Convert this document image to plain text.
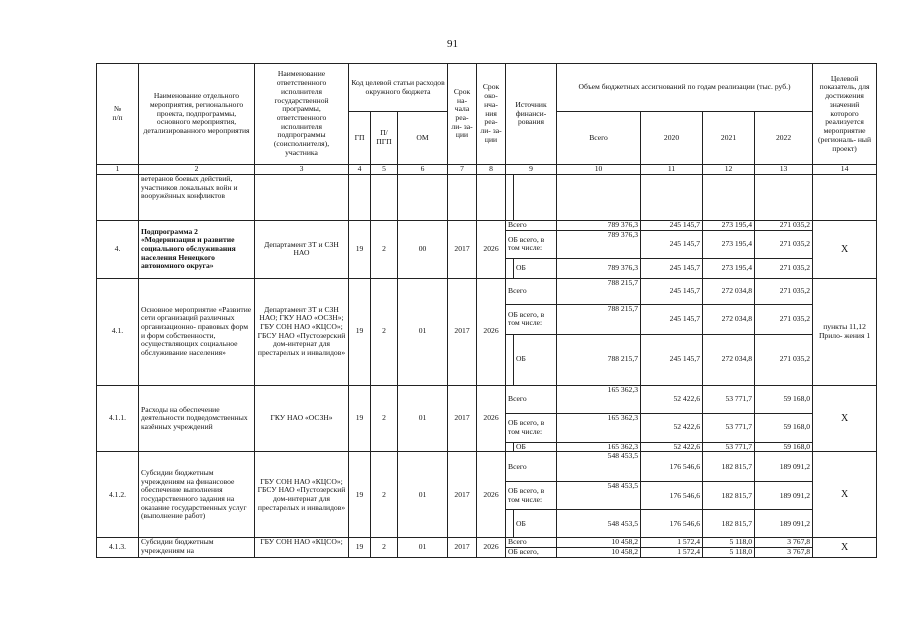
91
№
п/п	Наименование отдельного мероприятия, регионального проекта, подпрограммы, основного мероприятия, детализированного мероприятия	Наименование ответственного исполнителя государственной программы, ответственного исполнителя подпрограммы (соисполнителя), участника	Код целевой статьи расходов окружного бюджета			Срок на- чала реа- ли- за- ции	Срок око- нча- ния реа- ли- за- ции	Источник финанси- рования		Объем бюджетных ассигнований по годам реализации (тыс. руб.)				Целевой показатель, для достижения значений которого реализуется мероприятие (региональ- ный проект)
			ГП	П/ ПГП	ОМ					Всего	2020	2021	2022	
1	2	3	4	5	6	7	8	9		10	11	12	13	14
	ветеранов боевых действий, участников локальных войн и вооружённых конфликтов													
4.	Подпрограмма 2 «Модернизация и развитие социального обслуживания населения Ненецкого автономного округа»	Департамент ЗТ и СЗН НАО	19	2	00	2017	2026	Всего		789 376,3	245 145,7	273 195,4	271 035,2	Х
								ОБ всего, в том числе:		789 376,3	245 145,7	273 195,4	271 035,2	
									ОБ	789 376,3	245 145,7	273 195,4	271 035,2	
4.1.	Основное мероприятие «Развитие сети организаций различных организационно- правовых форм и форм собственности, осуществляющих социальное обслуживание населения»	Департамент ЗТ и СЗН НАО; ГКУ НАО «ОСЗН»; ГБУ СОН НАО «КЦСО»; ГБСУ НАО «Пустозерский дом-интернат для престарелых и инвалидов»	19	2	01	2017	2026	Всего		788 215,7	245 145,7	272 034,8	271 035,2	пункты 11,12 Прило- жения 1
								ОБ всего, в том числе:		788 215,7	245 145,7	272 034,8	271 035,2	
									ОБ	788 215,7	245 145,7	272 034,8	271 035,2	
4.1.1.	Расходы на обеспечение деятельности подведомственных казённых учреждений	ГКУ НАО «ОСЗН»	19	2	01	2017	2026	Всего		165 362,3	52 422,6	53 771,7	59 168,0	Х
								ОБ всего, в том числе:		165 362,3	52 422,6	53 771,7	59 168,0	
									ОБ	165 362,3	52 422,6	53 771,7	59 168,0	
4.1.2.	Субсидии бюджетным учреждениям на финансовое обеспечение выполнения государственного задания на оказание государственных услуг (выполнение работ)	ГБУ СОН НАО «КЦСО»; ГБСУ НАО «Пустозерский дом-интернат для престарелых и инвалидов»	19	2	01	2017	2026	Всего		548 453,5	176 546,6	182 815,7	189 091,2	Х
								ОБ всего, в том числе:		548 453,5	176 546,6	182 815,7	189 091,2	
									ОБ	548 453,5	176 546,6	182 815,7	189 091,2	
4.1.3.	Субсидии бюджетным учреждениям на	ГБУ СОН НАО «КЦСО»;	19	2	01	2017	2026	Всего		10 458,2	1 572,4	5 118,0	3 767,8	Х
								ОБ всего,		10 458,2	1 572,4	5 118,0	3 767,8	
